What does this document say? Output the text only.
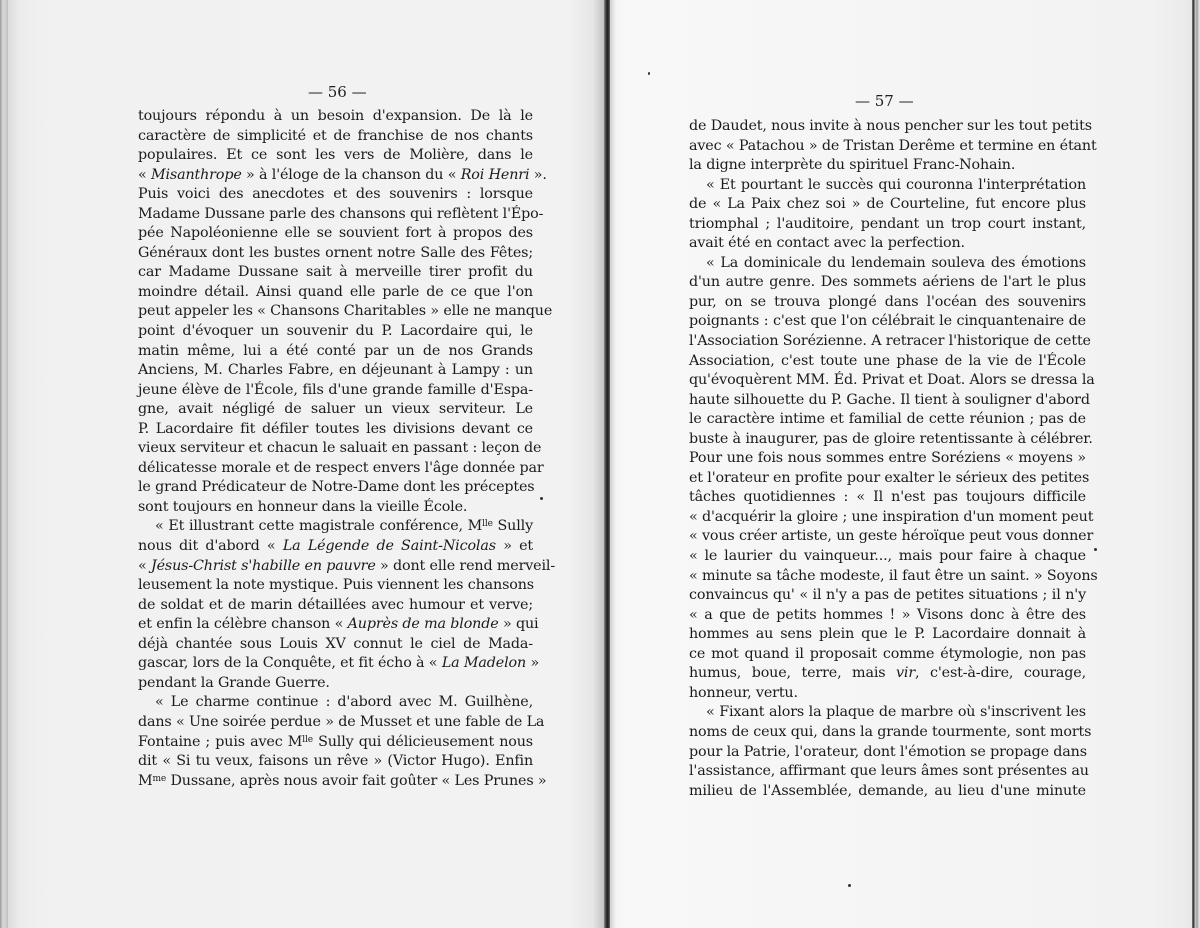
— 56 —	— 57 —
toujours répondu à un besoin d'expansion. De là le
caractère de simplicité et de franchise de nos chants
populaires. Et ce sont les vers de Molière, dans le
« Misanthrope » à l'éloge de la chanson du « Roi Henri ».
Puis voici des anecdotes et des souvenirs : lorsque
Madame Dussane parle des chansons qui reflètent l'Épo-
pée Napoléonienne elle se souvient fort à propos des
Généraux dont les bustes ornent notre Salle des Fêtes;
car Madame Dussane sait à merveille tirer profit du
moindre détail. Ainsi quand elle parle de ce que l'on
peut appeler les « Chansons Charitables » elle ne manque
point d'évoquer un souvenir du P. Lacordaire qui, le
matin même, lui a été conté par un de nos Grands
Anciens, M. Charles Fabre, en déjeunant à Lampy : un
jeune élève de l'École, fils d'une grande famille d'Espa-
gne, avait négligé de saluer un vieux serviteur. Le
P. Lacordaire fit défiler toutes les divisions devant ce
vieux serviteur et chacun le saluait en passant : leçon de
délicatesse morale et de respect envers l'âge donnée par
le grand Prédicateur de Notre-Dame dont les préceptes
sont toujours en honneur dans la vieille École.
« Et illustrant cette magistrale conférence, $M^{lle}$ Sully
nous dit d'abord « La Légende de Saint-Nicolas » et
« Jésus-Christ s'habille en pauvre » dont elle rend merveil-
leusement la note mystique. Puis viennent les chansons
de soldat et de marin détaillées avec humour et verve;
et enfin la célèbre chanson « Auprès de ma blonde » qui
déjà chantée sous Louis XV connut le ciel de Mada-
gascar, lors de la Conquête, et fit écho à « La Madelon »
pendant la Grande Guerre.
« Le charme continue : d'abord avec M. Guilhène,
dans « Une soirée perdue » de Musset et une fable de La
Fontaine ; puis avec $M^{lle}$ Sully qui délicieusement nous
dit « Si tu veux, faisons un rêve » (Victor Hugo). Enfin
$M^{me}$ Dussane, après nous avoir fait goûter « Les Prunes »
de Daudet, nous invite à nous pencher sur les tout petits
avec « Patachou » de Tristan Derême et termine en étant
la digne interprète du spirituel Franc-Nohain.
« Et pourtant le succès qui couronna l'interprétation
de « La Paix chez soi » de Courteline, fut encore plus
triomphal ; l'auditoire, pendant un trop court instant,
avait été en contact avec la perfection.
« La dominicale du lendemain souleva des émotions
d'un autre genre. Des sommets aériens de l'art le plus
pur, on se trouva plongé dans l'océan des souvenirs
poignants : c'est que l'on célébrait le cinquantenaire de
l'Association Sorézienne. A retracer l'historique de cette
Association, c'est toute une phase de la vie de l'École
qu'évoquèrent MM. Éd. Privat et Doat. Alors se dressa la
haute silhouette du P. Gache. Il tient à souligner d'abord
le caractère intime et familial de cette réunion ; pas de
buste à inaugurer, pas de gloire retentissante à célébrer.
Pour une fois nous sommes entre Soréziens « moyens »
et l'orateur en profite pour exalter le sérieux des petites
tâches quotidiennes : « Il n'est pas toujours difficile
« d'acquérir la gloire ; une inspiration d'un moment peut
« vous créer artiste, un geste héroïque peut vous donner
« le laurier du vainqueur..., mais pour faire à chaque
« minute sa tâche modeste, il faut être un saint. » Soyons
convaincus qu' « il n'y a pas de petites situations ; il n'y
« a que de petits hommes ! » Visons donc à être des
hommes au sens plein que le P. Lacordaire donnait à
ce mot quand il proposait comme étymologie, non pas
humus, boue, terre, mais vir, c'est-à-dire, courage,
honneur, vertu.
« Fixant alors la plaque de marbre où s'inscrivent les
noms de ceux qui, dans la grande tourmente, sont morts
pour la Patrie, l'orateur, dont l'émotion se propage dans
l'assistance, affirmant que leurs âmes sont présentes au
milieu de l'Assemblée, demande, au lieu d'une minute
